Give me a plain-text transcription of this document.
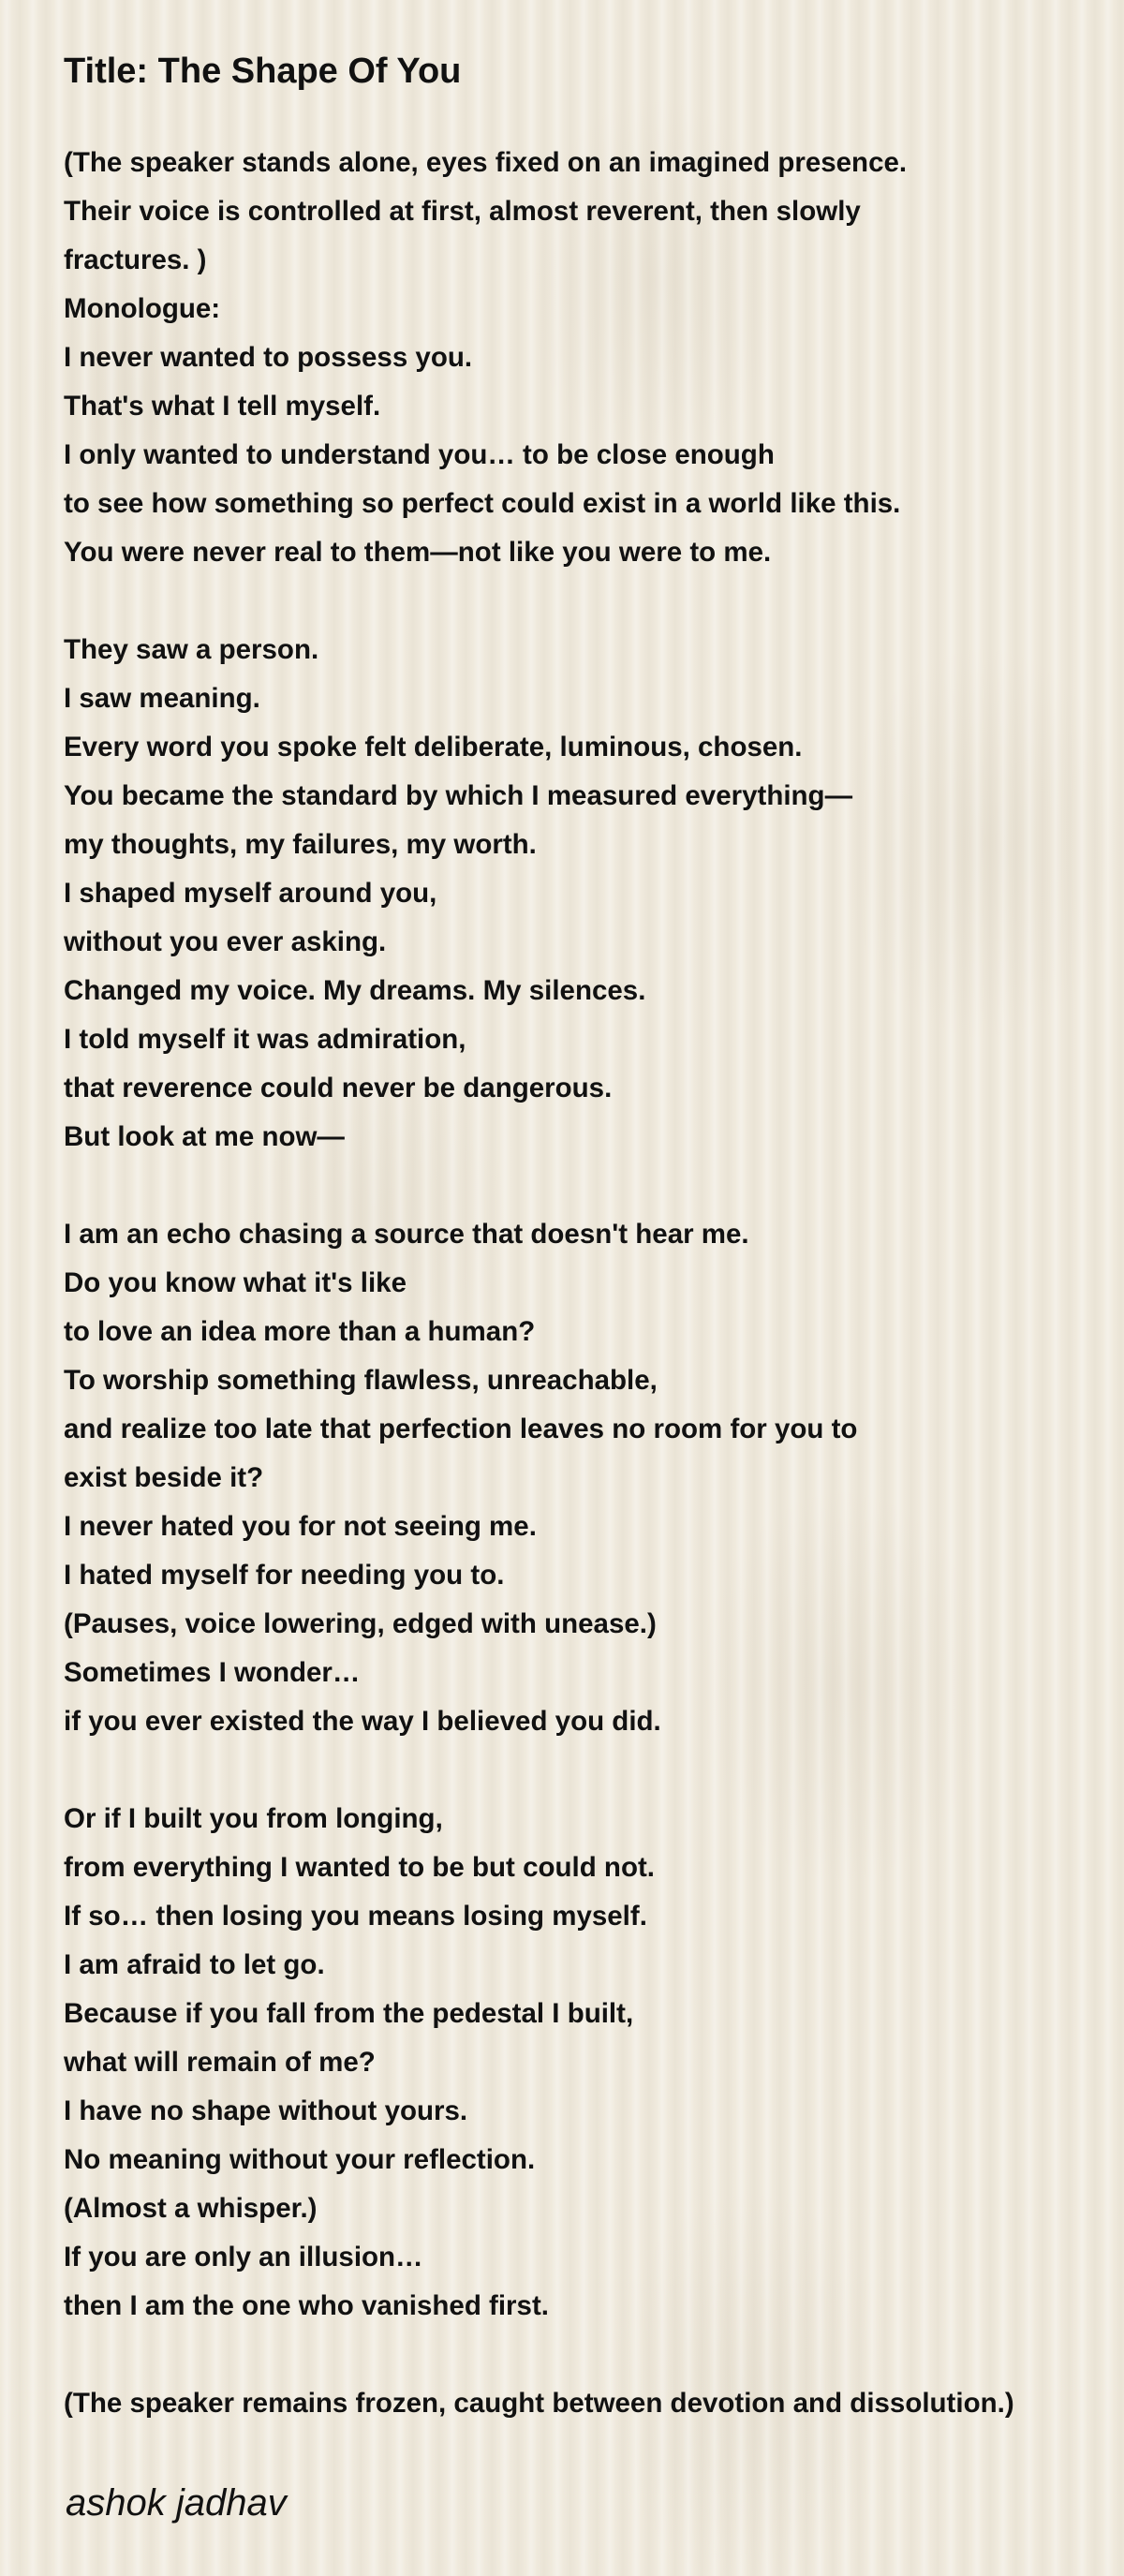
Title: The Shape Of You
(The speaker stands alone, eyes fixed on an imagined presence.
Their voice is controlled at first, almost reverent, then slowly
fractures. )
Monologue:
I never wanted to possess you.
That's what I tell myself.
I only wanted to understand you… to be close enough
to see how something so perfect could exist in a world like this.
You were never real to them—not like you were to me.
They saw a person.
I saw meaning.
Every word you spoke felt deliberate, luminous, chosen.
You became the standard by which I measured everything—
my thoughts, my failures, my worth.
I shaped myself around you,
without you ever asking.
Changed my voice. My dreams. My silences.
I told myself it was admiration,
that reverence could never be dangerous.
But look at me now—
I am an echo chasing a source that doesn't hear me.
Do you know what it's like
to love an idea more than a human?
To worship something flawless, unreachable,
and realize too late that perfection leaves no room for you to
exist beside it?
I never hated you for not seeing me.
I hated myself for needing you to.
(Pauses, voice lowering, edged with unease.)
Sometimes I wonder…
if you ever existed the way I believed you did.
Or if I built you from longing,
from everything I wanted to be but could not.
If so… then losing you means losing myself.
I am afraid to let go.
Because if you fall from the pedestal I built,
what will remain of me?
I have no shape without yours.
No meaning without your reflection.
(Almost a whisper.)
If you are only an illusion…
then I am the one who vanished first.
(The speaker remains frozen, caught between devotion and dissolution.)
ashok jadhav
